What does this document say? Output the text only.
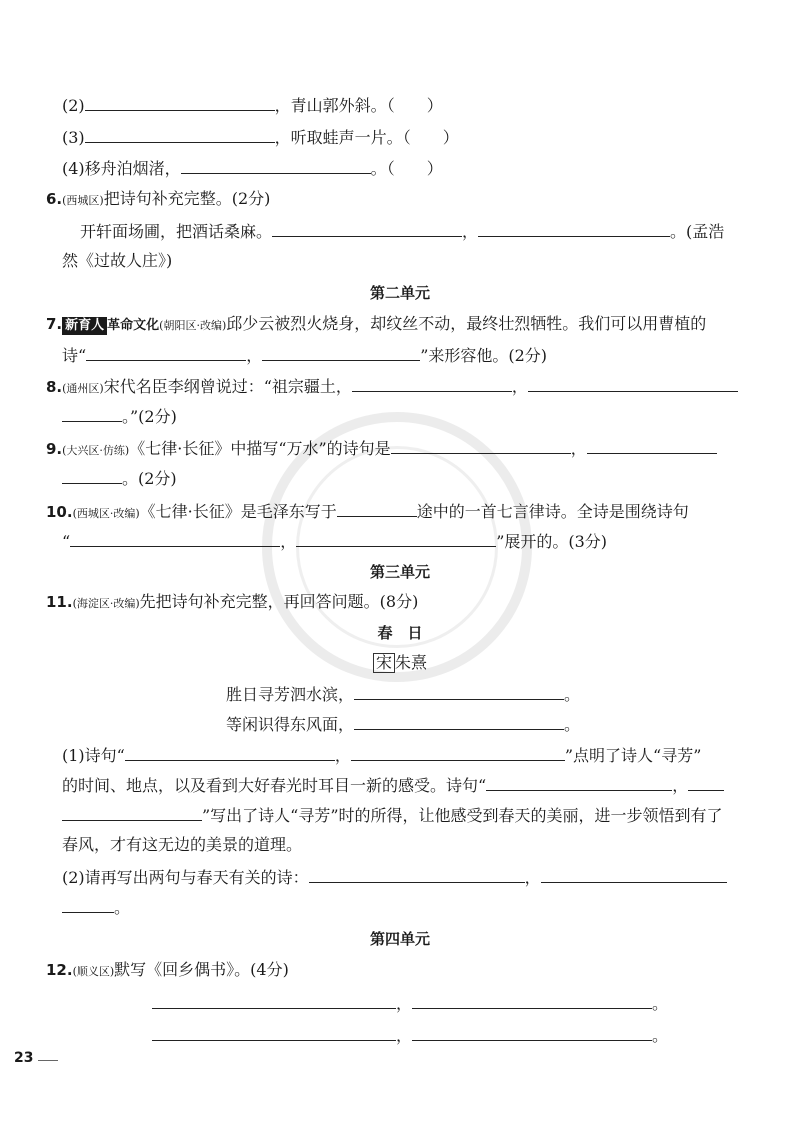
(2)	，青山郭外斜。（　　）
(3)	，听取蛙声一片。（　　）
(4)移舟泊烟渚，	。（　　）
6.(西城区)把诗句补充完整。(2分)
开轩面场圃，把酒话桑麻。	，	。(孟浩
然《过故人庄》)
第二单元
7. 新育人 革命文化(朝阳区·改编)邱少云被烈火烧身，却纹丝不动，最终壮烈牺牲。我们可以用曹植的
诗“	，	”来形容他。(2分)
8.(通州区)宋代名臣李纲曾说过：“祖宗疆土，	，
。”(2分)
9.(大兴区·仿练)《七律·长征》中描写“万水”的诗句是	，
。(2分)
10.(西城区·改编)《七律·长征》是毛泽东写于	途中的一首七言律诗。全诗是围绕诗句
“	，	”展开的。(3分)
第三单元
11.(海淀区·改编)先把诗句补充完整，再回答问题。(8分)
春　日
宋 朱熹
胜日寻芳泗水滨，	。
等闲识得东风面，	。
(1)诗句“	，	”点明了诗人“寻芳”
的时间、地点，以及看到大好春光时耳目一新的感受。诗句“	，
”写出了诗人“寻芳”时的所得，让他感受到春天的美丽，进一步领悟到有了
春风，才有这无边的美景的道理。
(2)请再写出两句与春天有关的诗：	，
。
第四单元
12.(顺义区)默写《回乡偶书》。(4分)
，	。
，	。
23
